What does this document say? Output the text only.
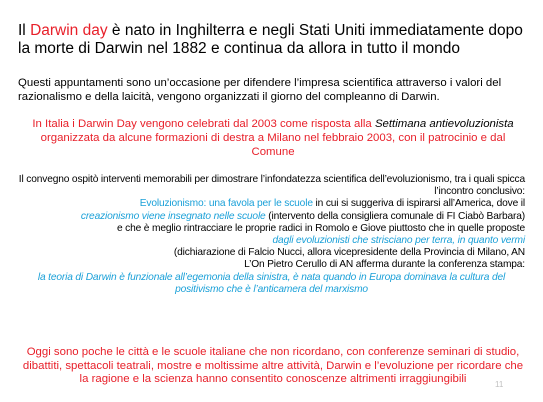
Il Darwin day è nato in Inghilterra e negli Stati Uniti immediatamente dopo la morte di Darwin nel 1882 e continua da allora in tutto il mondo
Questi appuntamenti sono un’occasione per difendere l’impresa scientifica attraverso i valori del razionalismo e della laicità, vengono organizzati il giorno del compleanno di Darwin.
In Italia i Darwin Day vengono celebrati dal 2003 come risposta alla Settimana antievoluzionista organizzata da alcune formazioni di destra a Milano nel febbraio 2003, con il patrocinio e dal Comune
Il convegno ospitò interventi memorabili per dimostrare l’infondatezza scientifica dell’evoluzionismo, tra i quali spicca l’incontro conclusivo:
Evoluzionismo: una favola per le scuole in cui si suggeriva di ispirarsi all’America, dove il
creazionismo viene insegnato nelle scuole (intervento della consigliera comunale di FI Ciabò Barbara)
e che è meglio rintracciare le proprie radici in Romolo e Giove piuttosto che in quelle proposte
dagli evoluzionisti che strisciano per terra, in quanto vermi
(dichiarazione di Falcio Nucci, allora vicepresidente della Provincia di Milano, AN
L’On Pietro Cerullo di AN afferma durante la conferenza stampa:
la teoria di Darwin è funzionale all’egemonia della sinistra, è nata quando in Europa dominava la cultura del positivismo che è l’anticamera del marxismo
Oggi sono poche le città e le scuole italiane che non ricordano, con conferenze seminari di studio, dibattiti, spettacoli teatrali, mostre e moltissime altre attività, Darwin e l’evoluzione per ricordare che la ragione e la scienza hanno consentito conoscenze altrimenti irraggiungibili	11
